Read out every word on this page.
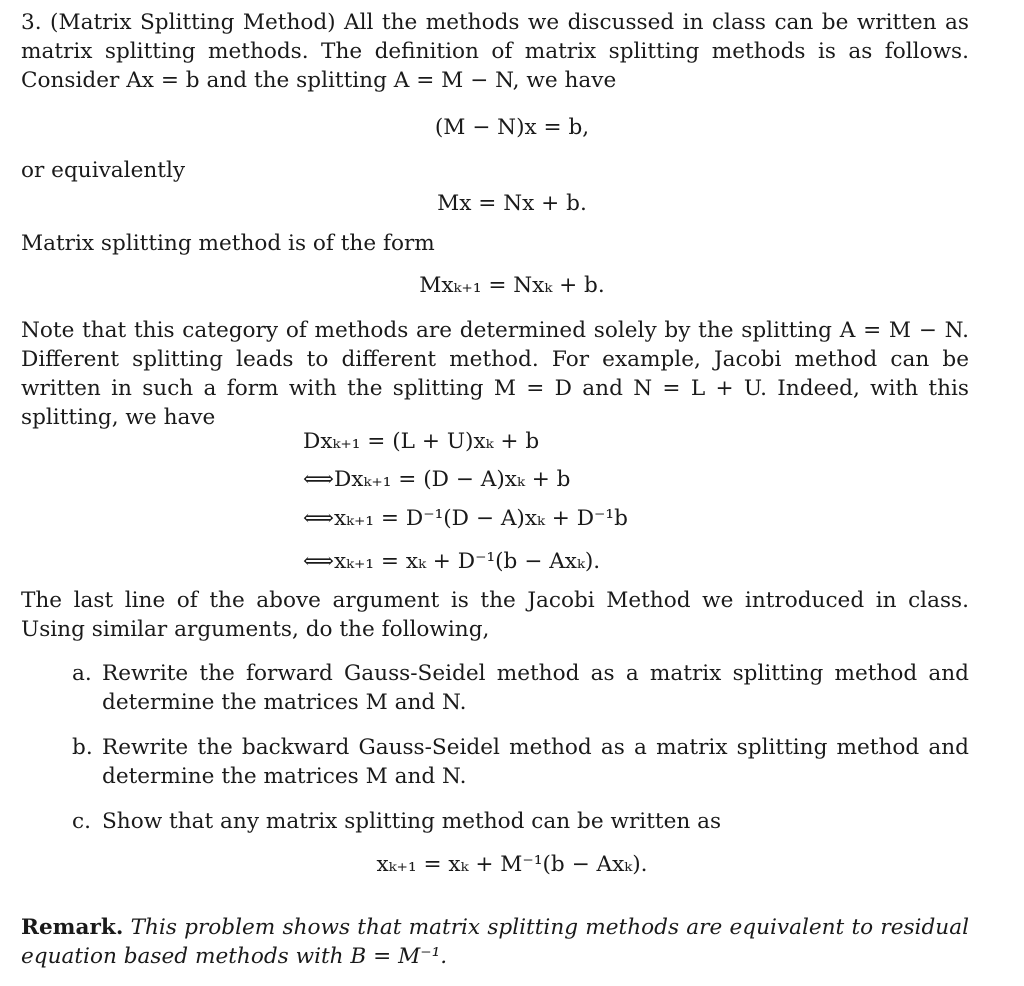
3. (Matrix Splitting Method) All the methods we discussed in class can be written as matrix splitting methods. The definition of matrix splitting methods is as follows. Consider Ax = b and the splitting A = M − N, we have
(M − N)x = b,
or equivalently
Mx = Nx + b.
Matrix splitting method is of the form
Mxₖ₊₁ = Nxₖ + b.
Note that this category of methods are determined solely by the splitting A = M − N. Different splitting leads to different method. For example, Jacobi method can be written in such a form with the splitting M = D and N = L + U. Indeed, with this splitting, we have
Dxₖ₊₁ = (L + U)xₖ + b
⟺Dxₖ₊₁ = (D − A)xₖ + b
⟺xₖ₊₁ = D⁻¹(D − A)xₖ + D⁻¹b
⟺xₖ₊₁ = xₖ + D⁻¹(b − Axₖ).
The last line of the above argument is the Jacobi Method we introduced in class. Using similar arguments, do the following,
a. Rewrite the forward Gauss-Seidel method as a matrix splitting method and determine the matrices M and N.
b. Rewrite the backward Gauss-Seidel method as a matrix splitting method and determine the matrices M and N.
c. Show that any matrix splitting method can be written as
xₖ₊₁ = xₖ + M⁻¹(b − Axₖ).
Remark. This problem shows that matrix splitting methods are equivalent to residual equation based methods with B = M⁻¹.
